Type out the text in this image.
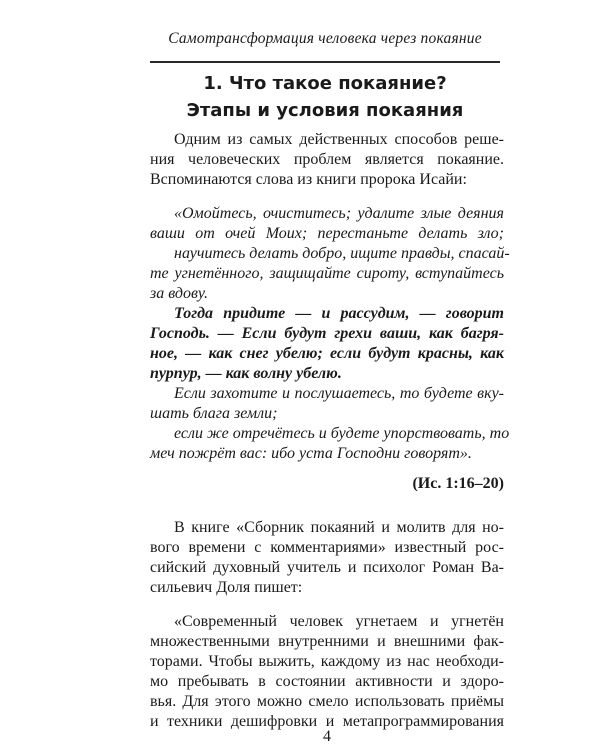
Самотрансформация человека через покаяние
1. Что такое покаяние?
Этапы и условия покаяния
Одним из самых действенных способов реше-
ния человеческих проблем является покаяние.
Вспоминаются слова из книги пророка Исайи:
«Омойтесь, очиститесь; удалите злые деяния
ваши от очей Моих; перестаньте делать зло;
научитесь делать добро, ищите правды, спасай-
те угнетённого, защищайте сироту, вступайтесь
за вдову.
Тогда придите — и рассудим, — говорит
Господь. — Если будут грехи ваши, как багря-
ное, — как снег убелю; если будут красны, как
пурпур, — как волну убелю.
Если захотите и послушаетесь, то будете вку-
шать блага земли;
если же отречётесь и будете упорствовать, то
меч пожрёт вас: ибо уста Господни говорят».
(Ис. 1:16–20)
В книге «Сборник покаяний и молитв для но-
вого времени с комментариями» известный рос-
сийский духовный учитель и психолог Роман Ва-
сильевич Доля пишет:
«Современный человек угнетаем и угнетён
множественными внутренними и внешними фак-
торами. Чтобы выжить, каждому из нас необходи-
мо пребывать в состоянии активности и здоро-
вья. Для этого можно смело использовать приёмы
и техники дешифровки и метапрограммирования
4
